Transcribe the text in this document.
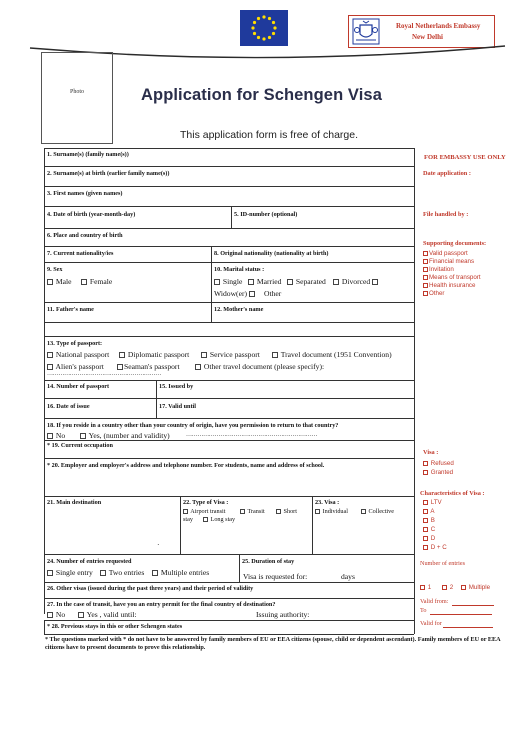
Royal Netherlands Embassy
New Delhi
Photo	Application for Schengen Visa
This application form is free of charge.
1. Surname(s) (family name(s))
2. Surname(s) at birth (earlier family name(s))
3. First names (given names)
4. Date of birth (year-month-day)	5. ID-number (optional)
6. Place and country of birth
7. Current nationality/ies	8. Original nationality (nationality at birth)
9. Sex
Male	Female
10. Marital status :
Single	Married	Separated	Divorced
Widow(er)	Other
11. Father's name	12. Mother's name
13. Type of passport:
National passport	Diplomatic passport	Service passport	Travel document (1951 Convention)
Alien's passport	Seaman's passport	Other travel document (please specify):
……………………………………………………
14. Number of passport	15. Issued by
16. Date of issue	17. Valid until
18. If you reside in a country other than your country of origin, have you permission to return to that country?
No	Yes, (number and validity)	……………………………………………………………
* 19. Current occupation
* 20. Employer and employer's address and telephone number. For students, name and address of school.
21. Main destination
·
22. Type of Visa :
Airport transit	Transit	Short
stay	Long stay
23. Visa :
Individual	Collective
24. Number of entries requested
Single entry	Two entries	Multiple entries
25. Duration of stay
Visa is requested for:	days
26. Other visas (issued during the past three years) and their period of validity
27. In the case of transit, have you an entry permit for the final country of destination?
No	Yes , valid until:	Issuing authority:
* 28. Previous stays in this or other Schengen states
FOR EMBASSY USE ONLY
Date application :
File handled by :
Supporting documents:
Valid passport
Financial means
Invitation
Means of transport
Health insurance
Other
Visa :
Refused
Granted
Characteristics of Visa :
LTV
A
B
C
D
D + C
Number of entries
1	2	Multiple
Valid from:
To
Valid for
* The questions marked with * do not have to be answered by family members of EU or EEA citizens (spouse, child or dependent ascendant). Family members of EU or EEA citizens have to present documents to prove this relationship.
